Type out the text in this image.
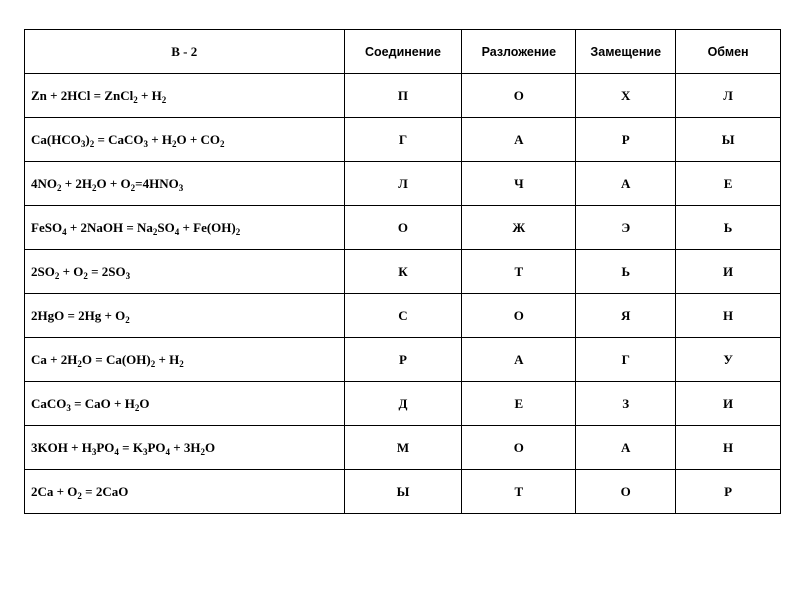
В - 2	Соединение	Разложение	Замещение	Обмен
Zn + 2HCl = ZnCl$_2$ + $H_2$	П	О	Х	Л
$Ca(HCO_3)_2$ = CaCO$_3$ + $H_2O + CO_2$	Г	А	Р	Ы
$4NO_2 + 2H_2O + O_2=4HNO_3$	Л	Ч	А	Е
FeSO$_4$ + 2NaOH = $Na_2SO_4 + Fe(OH)_2$	О	Ж	Э	Ь
$2SO_2 + O_2 = 2SO_3$	К	Т	Ь	И
$2HgO = 2Hg + O_2$	С	О	Я	Н
$Ca + 2H_2O = Ca(OH)_2 + H_2$	Р	А	Г	У
CaCO$_3$ = CaO + $H_2O$	Д	Е	З	И
$3KOH + H_3PO_4 = K_3PO_4 + 3H_2O$	М	О	А	Н
$2Ca + O_2 = 2CaO$	Ы	Т	О	Р
